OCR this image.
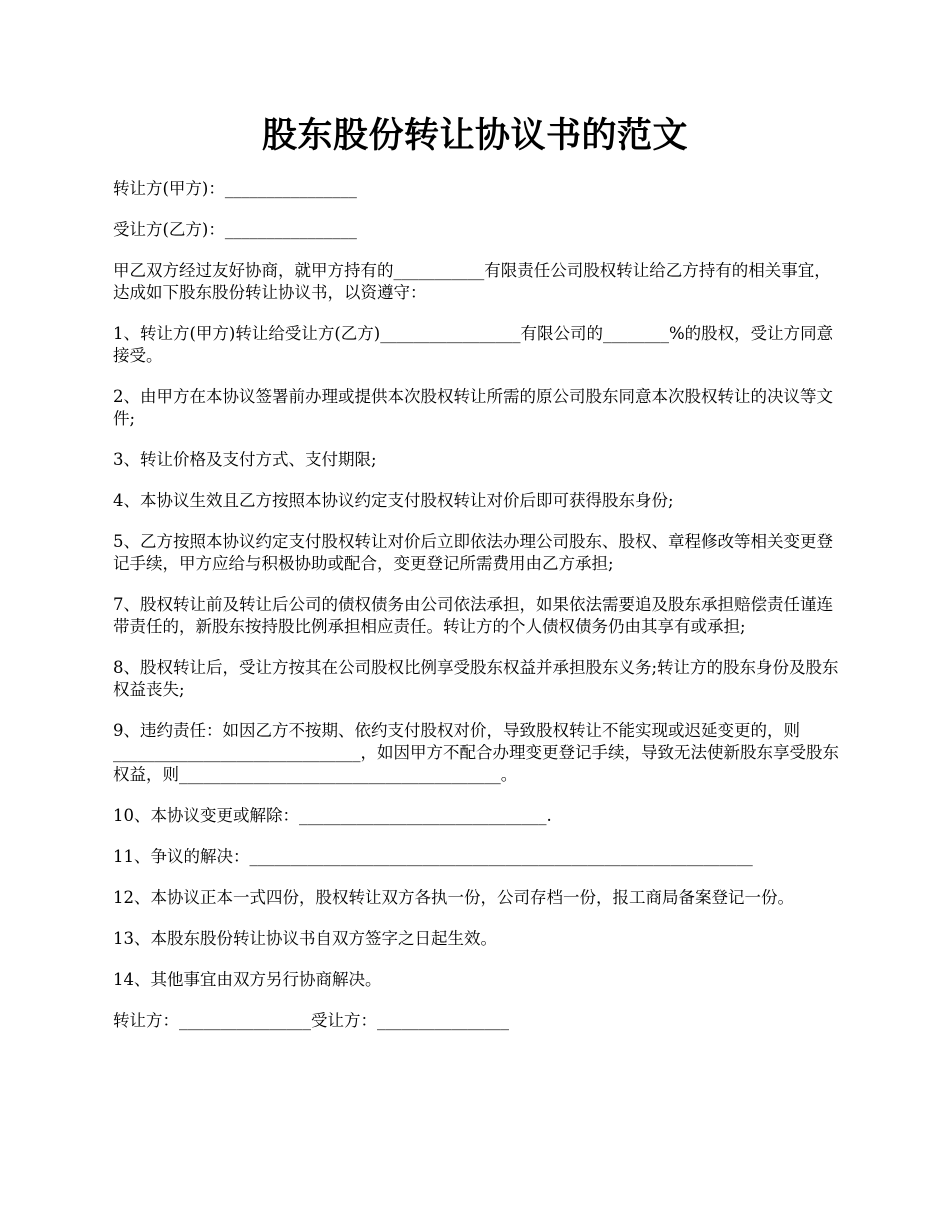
股东股份转让协议书的范文

转让方(甲方)：________________

受让方(乙方)：________________

甲乙双方经过友好协商，就甲方持有的___________有限责任公司股权转让给乙方持有的相关事宜，达成如下股东股份转让协议书，以资遵守：

1、转让方(甲方)转让给受让方(乙方)_________________有限公司的________%的股权，受让方同意接受。

2、由甲方在本协议签署前办理或提供本次股权转让所需的原公司股东同意本次股权转让的决议等文件;

3、转让价格及支付方式、支付期限;

4、本协议生效且乙方按照本协议约定支付股权转让对价后即可获得股东身份;

5、乙方按照本协议约定支付股权转让对价后立即依法办理公司股东、股权、章程修改等相关变更登记手续，甲方应给与积极协助或配合，变更登记所需费用由乙方承担;

7、股权转让前及转让后公司的债权债务由公司依法承担，如果依法需要追及股东承担赔偿责任谨连带责任的，新股东按持股比例承担相应责任。转让方的个人债权债务仍由其享有或承担;

8、股权转让后，受让方按其在公司股权比例享受股东权益并承担股东义务;转让方的股东身份及股东权益丧失;

9、违约责任：如因乙方不按期、依约支付股权对价，导致股权转让不能实现或迟延变更的，则______________________________，如因甲方不配合办理变更登记手续，导致无法使新股东享受股东权益，则_______________________________________。

10、本协议变更或解除：______________________________.

11、争议的解决：_____________________________________________________________

12、本协议正本一式四份，股权转让双方各执一份，公司存档一份，报工商局备案登记一份。

13、本股东股份转让协议书自双方签字之日起生效。

14、其他事宜由双方另行协商解决。

转让方：________________受让方：________________
